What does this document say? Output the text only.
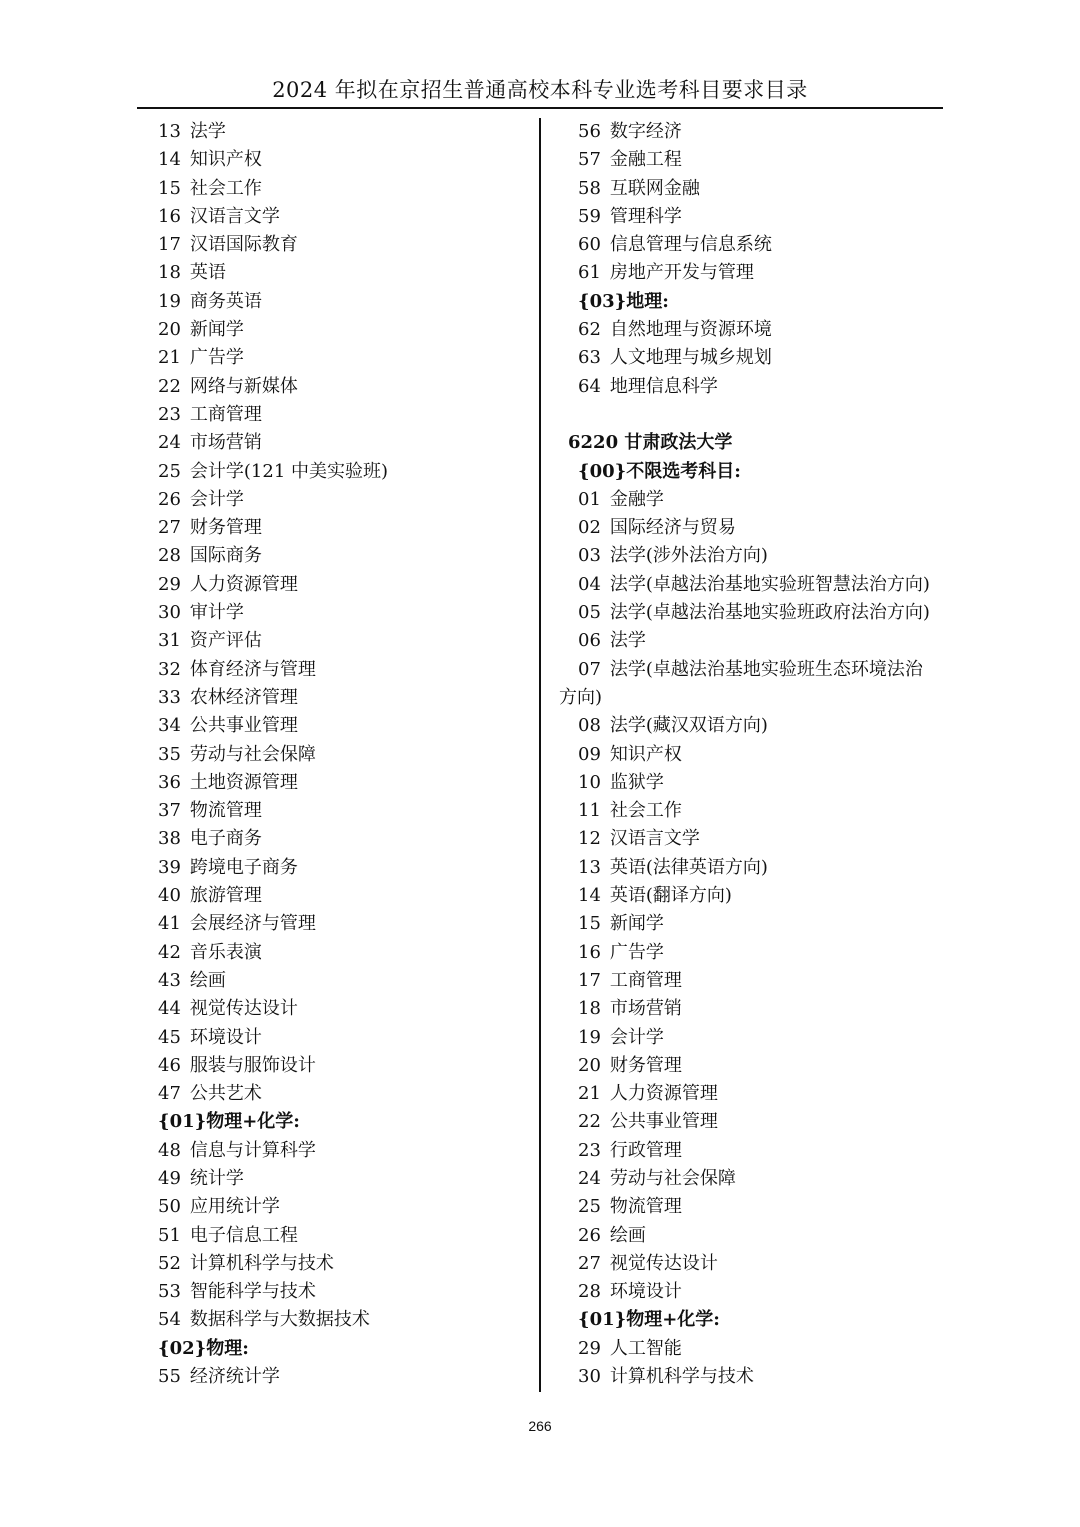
2024 年拟在京招生普通高校本科专业选考科目要求目录
13 法学
14 知识产权
15 社会工作
16 汉语言文学
17 汉语国际教育
18 英语
19 商务英语
20 新闻学
21 广告学
22 网络与新媒体
23 工商管理
24 市场营销
25 会计学(121 中美实验班)
26 会计学
27 财务管理
28 国际商务
29 人力资源管理
30 审计学
31 资产评估
32 体育经济与管理
33 农林经济管理
34 公共事业管理
35 劳动与社会保障
36 土地资源管理
37 物流管理
38 电子商务
39 跨境电子商务
40 旅游管理
41 会展经济与管理
42 音乐表演
43 绘画
44 视觉传达设计
45 环境设计
46 服装与服饰设计
47 公共艺术
{01}物理+化学:
48 信息与计算科学
49 统计学
50 应用统计学
51 电子信息工程
52 计算机科学与技术
53 智能科学与技术
54 数据科学与大数据技术
{02}物理:
55 经济统计学
56 数字经济
57 金融工程
58 互联网金融
59 管理科学
60 信息管理与信息系统
61 房地产开发与管理
{03}地理:
62 自然地理与资源环境
63 人文地理与城乡规划
64 地理信息科学
6220 甘肃政法大学
{00}不限选考科目:
01 金融学
02 国际经济与贸易
03 法学(涉外法治方向)
04 法学(卓越法治基地实验班智慧法治方向)
05 法学(卓越法治基地实验班政府法治方向)
06 法学
07 法学(卓越法治基地实验班生态环境法治
方向)
08 法学(藏汉双语方向)
09 知识产权
10 监狱学
11 社会工作
12 汉语言文学
13 英语(法律英语方向)
14 英语(翻译方向)
15 新闻学
16 广告学
17 工商管理
18 市场营销
19 会计学
20 财务管理
21 人力资源管理
22 公共事业管理
23 行政管理
24 劳动与社会保障
25 物流管理
26 绘画
27 视觉传达设计
28 环境设计
{01}物理+化学:
29 人工智能
30 计算机科学与技术
266
